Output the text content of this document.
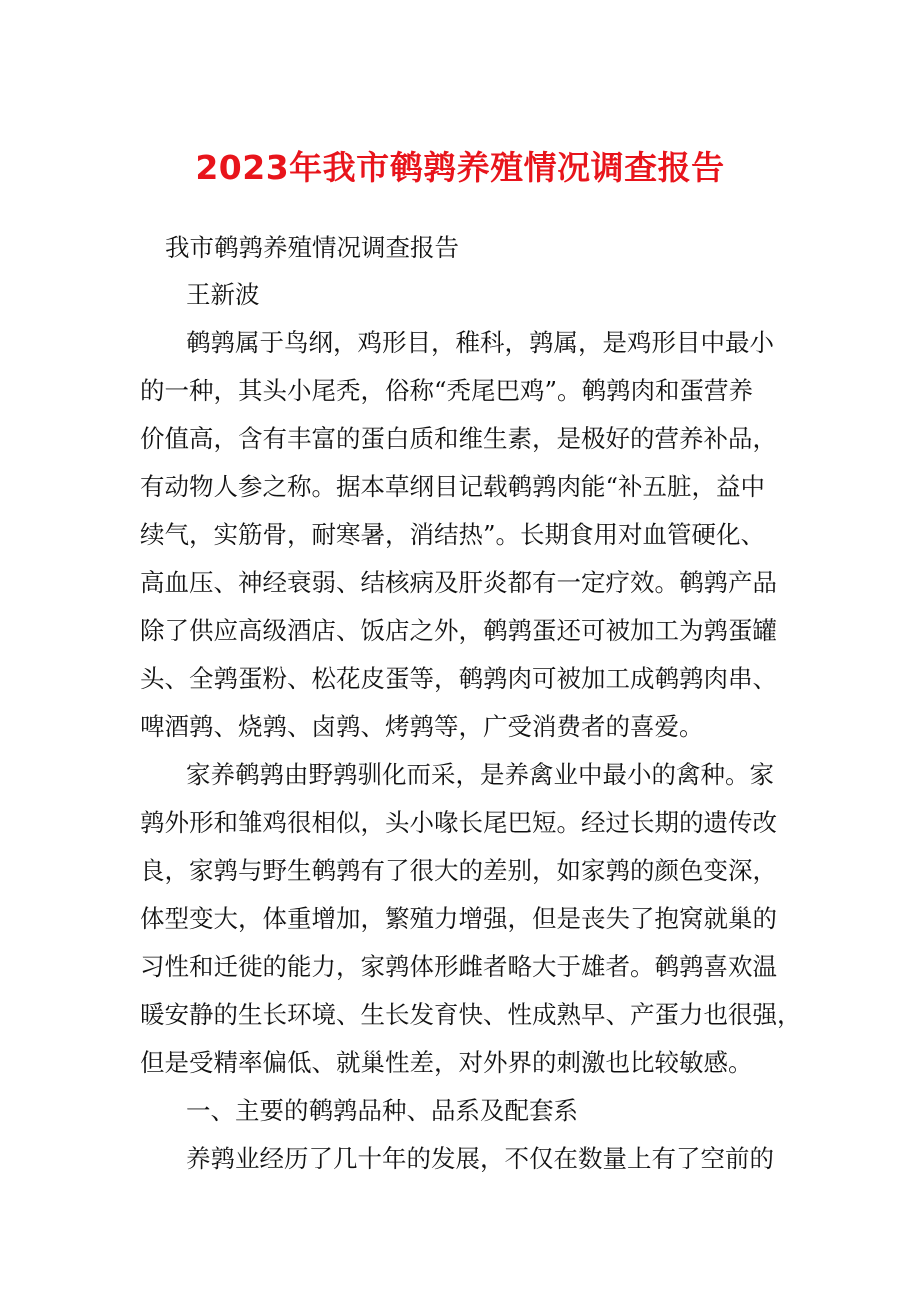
2023年我市鹌鹑养殖情况调查报告
我市鹌鹑养殖情况调查报告
王新波
鹌鹑属于鸟纲，鸡形目，稚科，鹑属，是鸡形目中最小
的一种，其头小尾秃，俗称“秃尾巴鸡”。鹌鹑肉和蛋营养
价值高，含有丰富的蛋白质和维生素，是极好的营养补品，
有动物人参之称。据本草纲目记载鹌鹑肉能“补五脏，益中
续气，实筋骨，耐寒暑，消结热”。长期食用对血管硬化、
高血压、神经衰弱、结核病及肝炎都有一定疗效。鹌鹑产品
除了供应高级酒店、饭店之外，鹌鹑蛋还可被加工为鹑蛋罐
头、全鹑蛋粉、松花皮蛋等，鹌鹑肉可被加工成鹌鹑肉串、
啤酒鹑、烧鹑、卤鹑、烤鹑等，广受消费者的喜爱。
家养鹌鹑由野鹑驯化而采，是养禽业中最小的禽种。家
鹑外形和雏鸡很相似，头小喙长尾巴短。经过长期的遗传改
良，家鹑与野生鹌鹑有了很大的差别，如家鹑的颜色变深，
体型变大，体重增加，繁殖力增强，但是丧失了抱窝就巢的
习性和迁徙的能力，家鹑体形雌者略大于雄者。鹌鹑喜欢温
暖安静的生长环境、生长发育快、性成熟早、产蛋力也很强，
但是受精率偏低、就巢性差，对外界的刺激也比较敏感。
一、主要的鹌鹑品种、品系及配套系
养鹑业经历了几十年的发展，不仅在数量上有了空前的
